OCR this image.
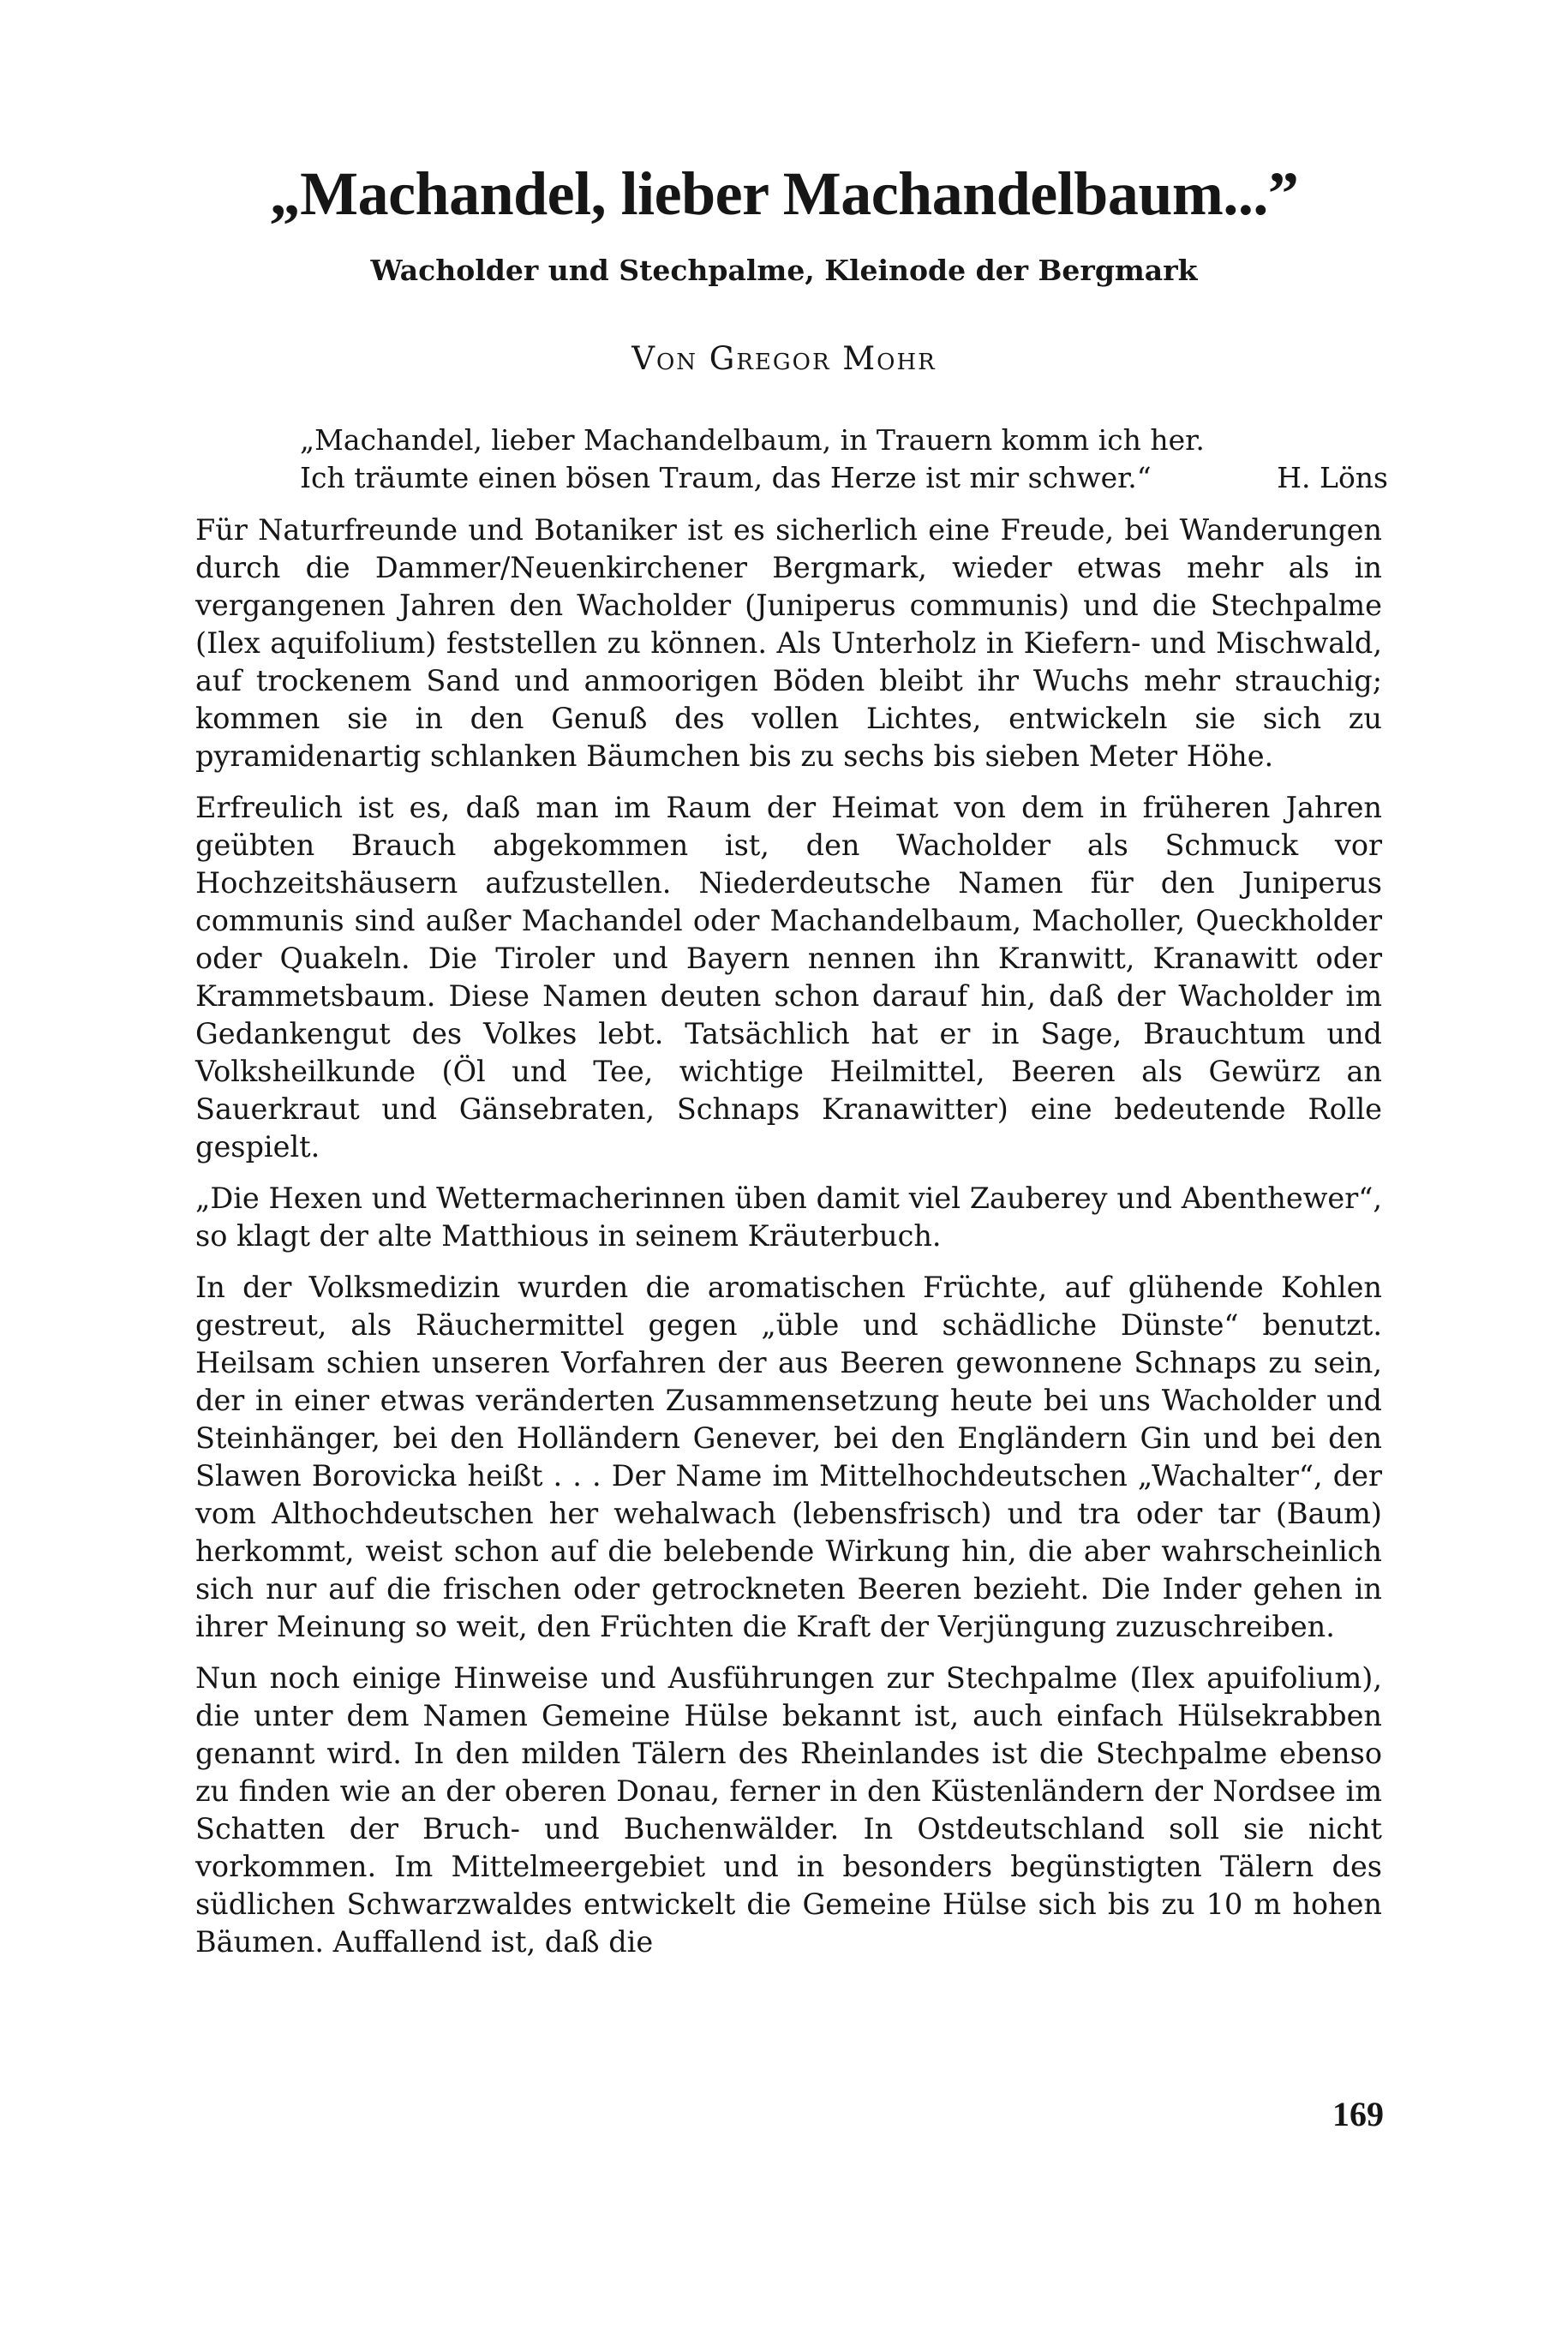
„Machandel, lieber Machandelbaum...”
Wacholder und Stechpalme, Kleinode der Bergmark
Von Gregor Mohr
„Machandel, lieber Machandelbaum, in Trauern komm ich her.
Ich träumte einen bösen Traum, das Herze ist mir schwer.“	H. Löns

Für Naturfreunde und Botaniker ist es sicherlich eine Freude, bei Wanderungen durch die Dammer/Neuenkirchener Bergmark, wieder etwas mehr als in vergangenen Jahren den Wacholder (Juniperus communis) und die Stechpalme (Ilex aquifolium) feststellen zu können. Als Unterholz in Kiefern- und Mischwald, auf trockenem Sand und anmoorigen Böden bleibt ihr Wuchs mehr strauchig; kommen sie in den Genuß des vollen Lichtes, entwickeln sie sich zu pyramidenartig schlanken Bäumchen bis zu sechs bis sieben Meter Höhe.

Erfreulich ist es, daß man im Raum der Heimat von dem in früheren Jahren geübten Brauch abgekommen ist, den Wacholder als Schmuck vor Hochzeitshäusern aufzustellen. Niederdeutsche Namen für den Juniperus communis sind außer Machandel oder Machandelbaum, Macholler, Queckholder oder Quakeln. Die Tiroler und Bayern nennen ihn Kranwitt, Kranawitt oder Krammetsbaum. Diese Namen deuten schon darauf hin, daß der Wacholder im Gedankengut des Volkes lebt. Tatsächlich hat er in Sage, Brauchtum und Volksheilkunde (Öl und Tee, wichtige Heilmittel, Beeren als Gewürz an Sauerkraut und Gänsebraten, Schnaps Kranawitter) eine bedeutende Rolle gespielt.

„Die Hexen und Wettermacherinnen üben damit viel Zauberey und Abenthewer“, so klagt der alte Matthious in seinem Kräuterbuch.

In der Volksmedizin wurden die aromatischen Früchte, auf glühende Kohlen gestreut, als Räuchermittel gegen „üble und schädliche Dünste“ benutzt. Heilsam schien unseren Vorfahren der aus Beeren gewonnene Schnaps zu sein, der in einer etwas veränderten Zusammensetzung heute bei uns Wacholder und Steinhänger, bei den Holländern Genever, bei den Engländern Gin und bei den Slawen Borovicka heißt . . . Der Name im Mittelhochdeutschen „Wachalter“, der vom Althochdeutschen her wehalwach (lebensfrisch) und tra oder tar (Baum) herkommt, weist schon auf die belebende Wirkung hin, die aber wahrscheinlich sich nur auf die frischen oder getrockneten Beeren bezieht. Die Inder gehen in ihrer Meinung so weit, den Früchten die Kraft der Verjüngung zuzuschreiben.

Nun noch einige Hinweise und Ausführungen zur Stechpalme (Ilex apuifolium), die unter dem Namen Gemeine Hülse bekannt ist, auch einfach Hülsekrabben genannt wird. In den milden Tälern des Rheinlandes ist die Stechpalme ebenso zu finden wie an der oberen Donau, ferner in den Küstenländern der Nordsee im Schatten der Bruch- und Buchenwälder. In Ostdeutschland soll sie nicht vorkommen. Im Mittelmeergebiet und in besonders begünstigten Tälern des südlichen Schwarzwaldes entwickelt die Gemeine Hülse sich bis zu 10 m hohen Bäumen. Auffallend ist, daß die

169
